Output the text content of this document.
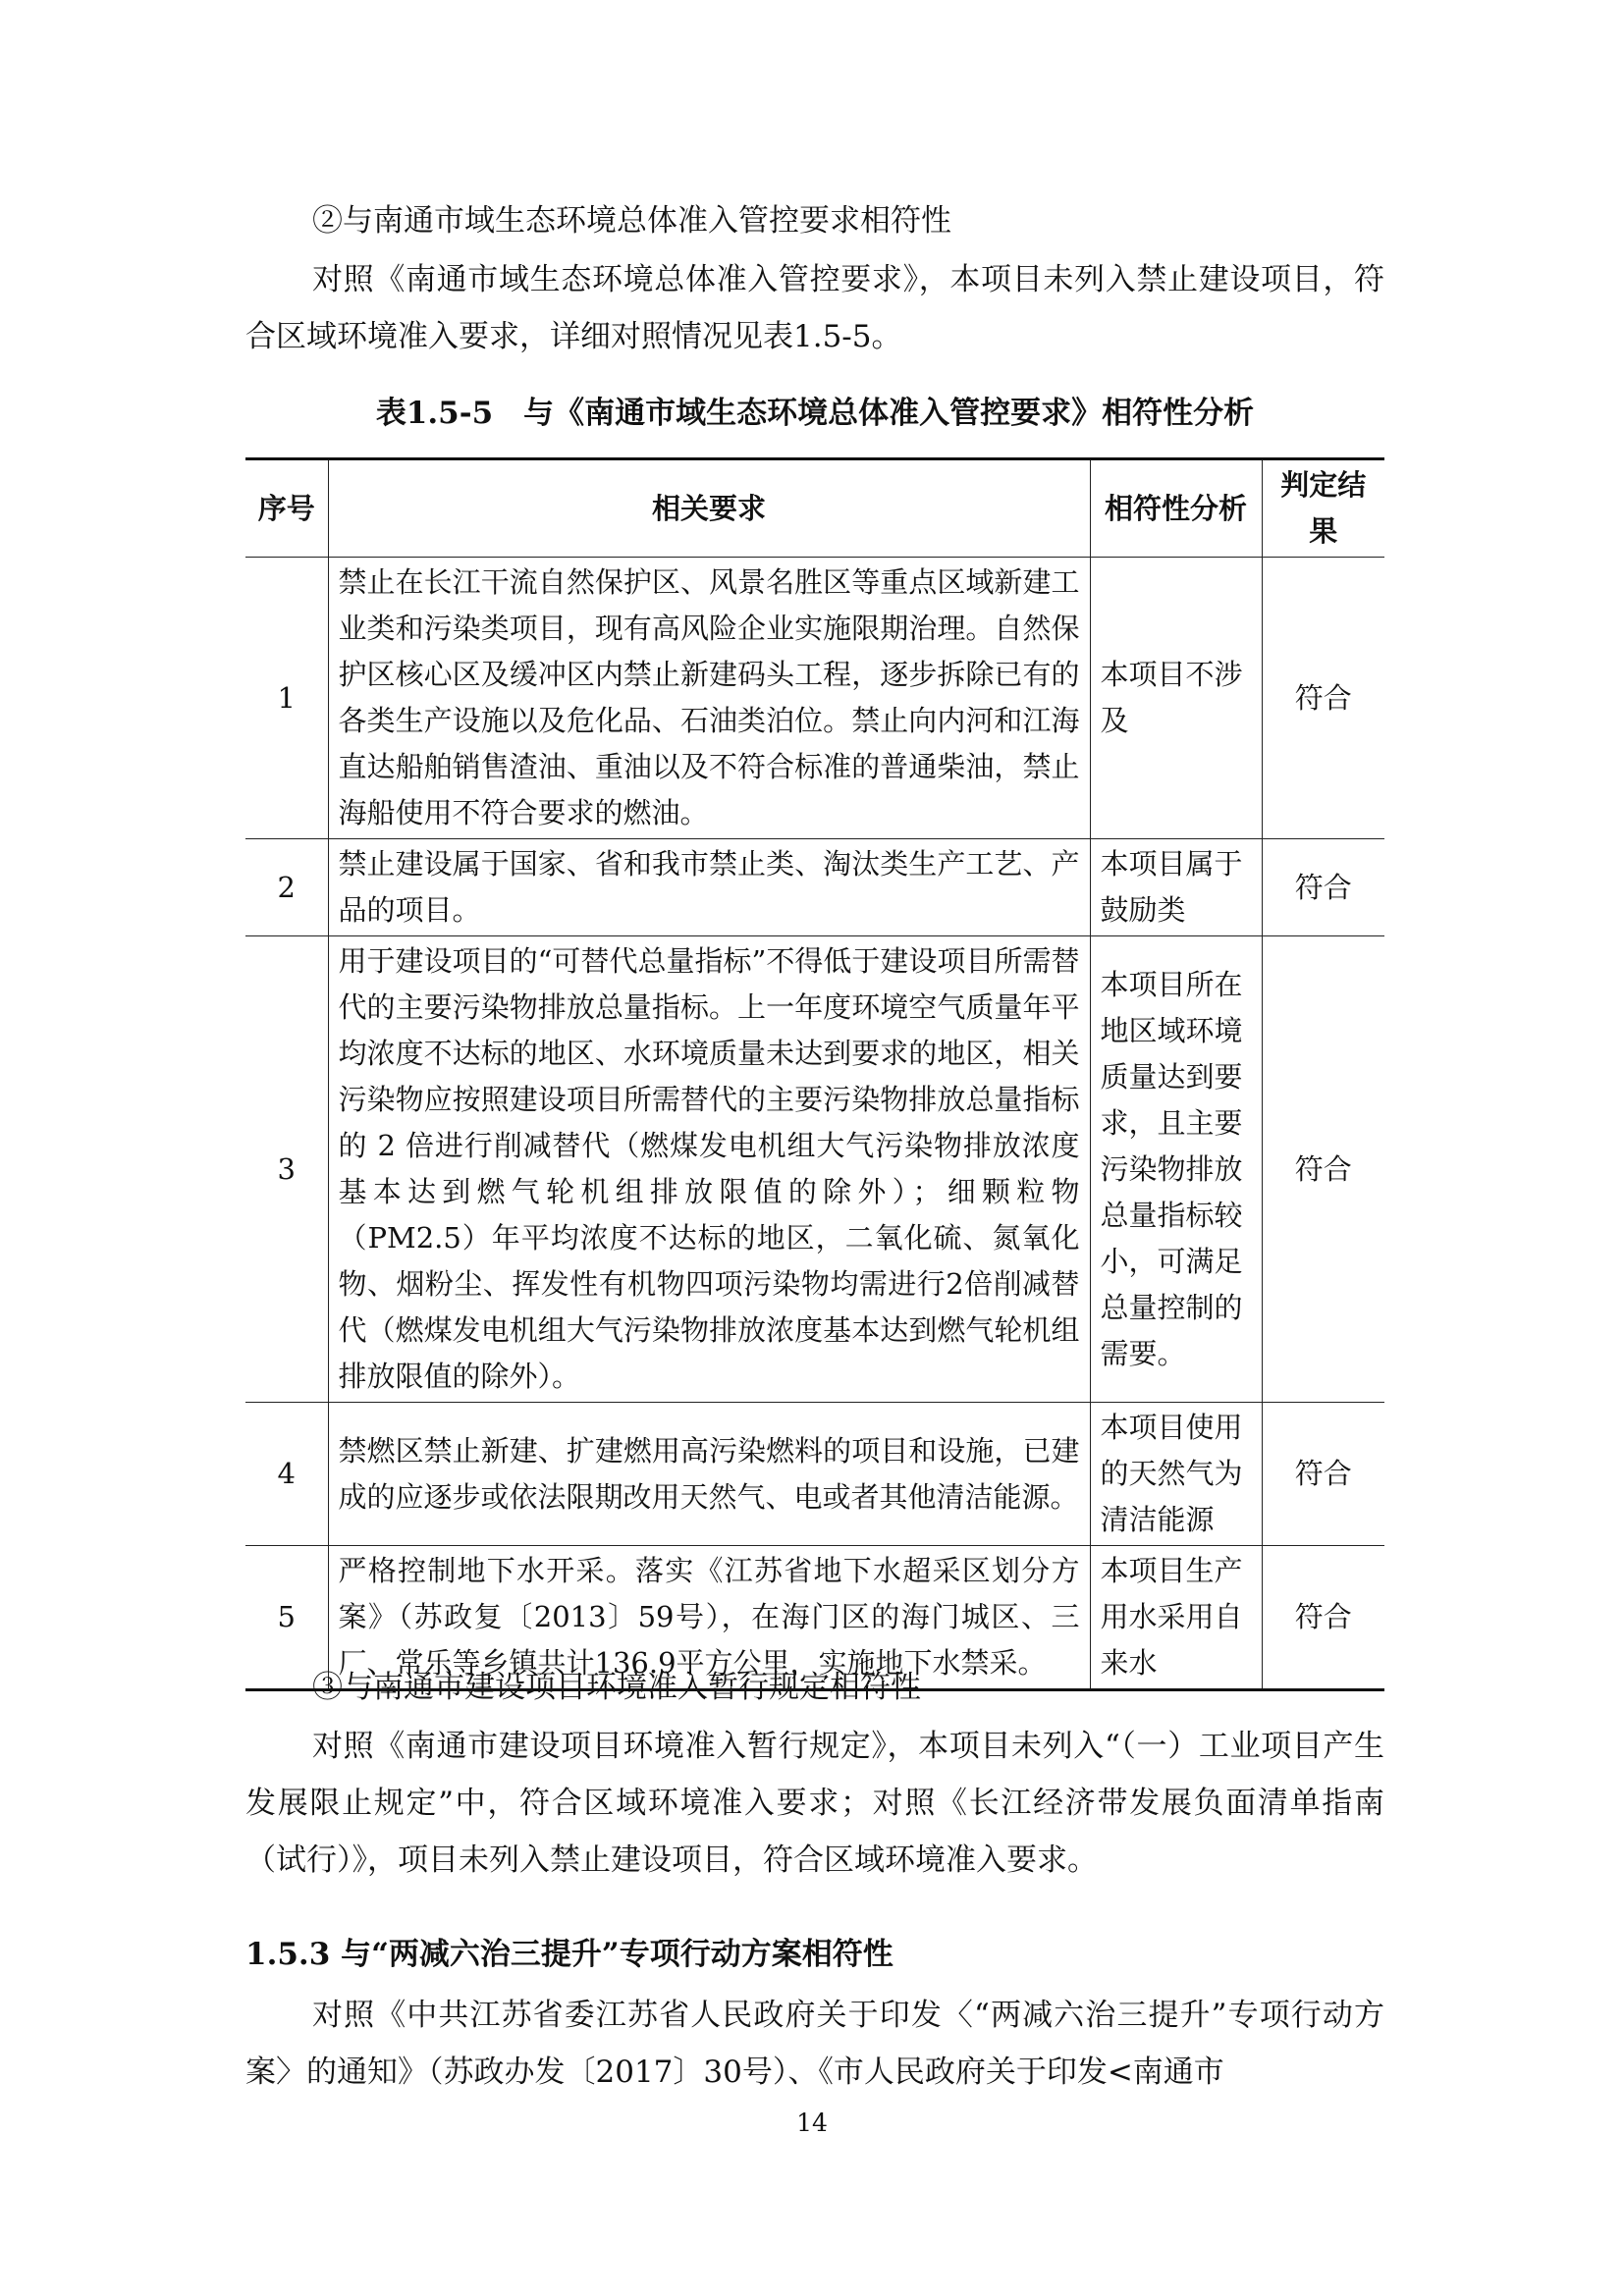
②与南通市域生态环境总体准入管控要求相符性

对照《南通市域生态环境总体准入管控要求》，本项目未列入禁止建设项目，符合区域环境准入要求，详细对照情况见表1.5-5。

表1.5-5　与《南通市域生态环境总体准入管控要求》相符性分析
序号	相关要求	相符性分析	判定结果
1	禁止在长江干流自然保护区、风景名胜区等重点区域新建工业类和污染类项目，现有高风险企业实施限期治理。自然保护区核心区及缓冲区内禁止新建码头工程，逐步拆除已有的各类生产设施以及危化品、石油类泊位。禁止向内河和江海直达船舶销售渣油、重油以及不符合标准的普通柴油，禁止海船使用不符合要求的燃油。	本项目不涉及	符合
2	禁止建设属于国家、省和我市禁止类、淘汰类生产工艺、产品的项目。	本项目属于鼓励类	符合
3	用于建设项目的“可替代总量指标”不得低于建设项目所需替代的主要污染物排放总量指标。上一年度环境空气质量年平均浓度不达标的地区、水环境质量未达到要求的地区，相关污染物应按照建设项目所需替代的主要污染物排放总量指标的 2 倍进行削减替代（燃煤发电机组大气污染物排放浓度基本达到燃气轮机组排放限值的除外）；细颗粒物（PM2.5）年平均浓度不达标的地区，二氧化硫、氮氧化物、烟粉尘、挥发性有机物四项污染物均需进行2倍削减替代（燃煤发电机组大气污染物排放浓度基本达到燃气轮机组排放限值的除外）。	本项目所在地区域环境质量达到要求，且主要污染物排放总量指标较小，可满足总量控制的需要。	符合
4	禁燃区禁止新建、扩建燃用高污染燃料的项目和设施，已建成的应逐步或依法限期改用天然气、电或者其他清洁能源。	本项目使用的天然气为清洁能源	符合
5	严格控制地下水开采。落实《江苏省地下水超采区划分方案》（苏政复〔2013〕59号），在海门区的海门城区、三厂、常乐等乡镇共计136.9平方公里，实施地下水禁采。	本项目生产用水采用自来水	符合

③与南通市建设项目环境准入暂行规定相符性

对照《南通市建设项目环境准入暂行规定》，本项目未列入“（一）工业项目产生发展限止规定”中，符合区域环境准入要求；对照《长江经济带发展负面清单指南（试行）》，项目未列入禁止建设项目，符合区域环境准入要求。

1.5.3 与“两减六治三提升”专项行动方案相符性

对照《中共江苏省委江苏省人民政府关于印发〈“两减六治三提升”专项行动方案〉的通知》（苏政办发〔2017〕30号）、《市人民政府关于印发<南通市

14
